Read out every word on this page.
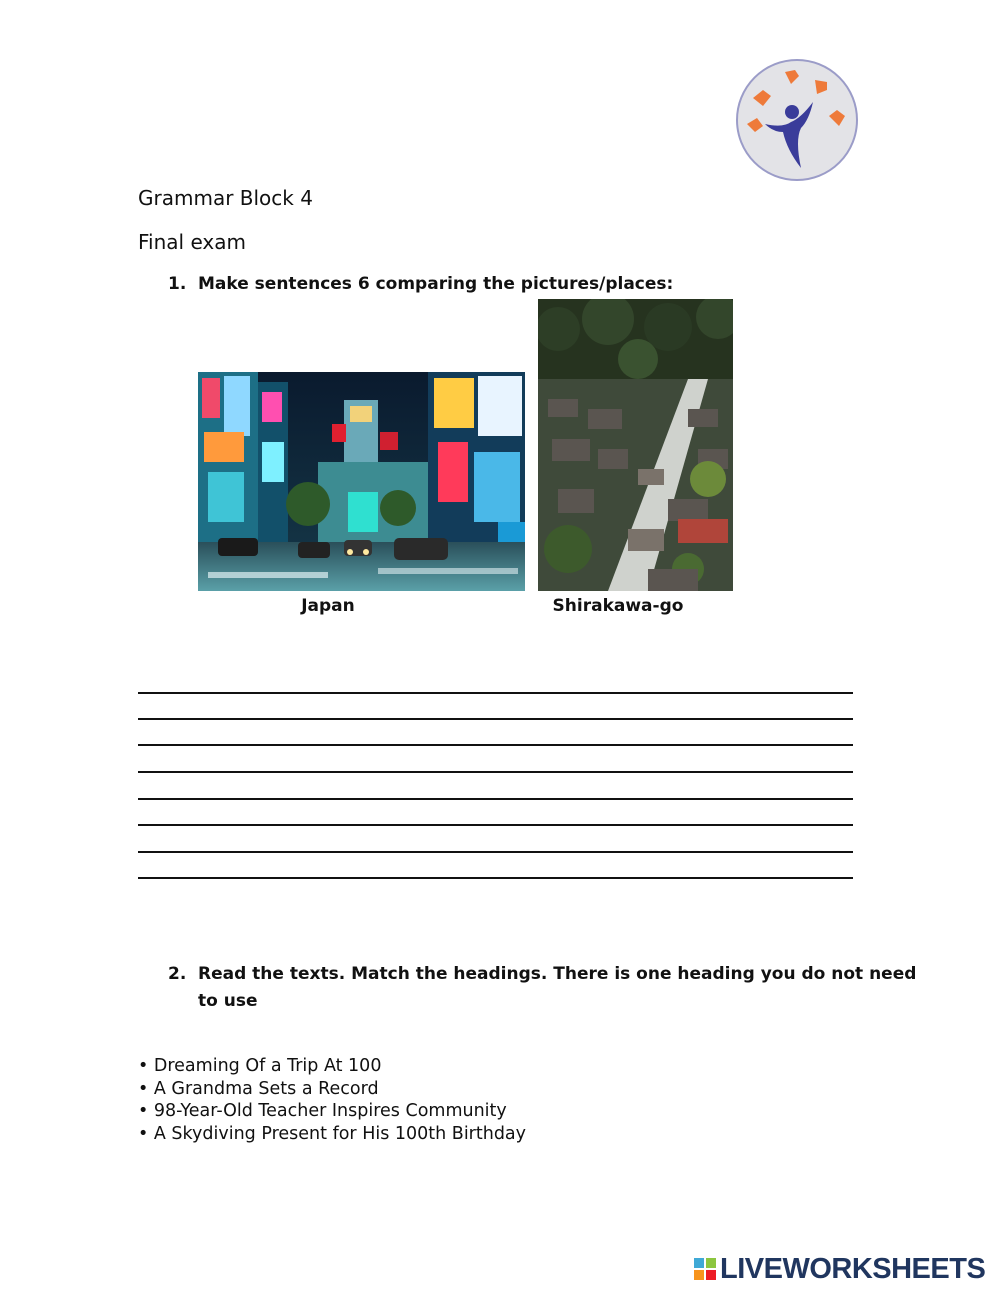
Grammar Block 4
Final exam
1. Make sentences 6 comparing the pictures/places:
Japan	Shirakawa-go
2. Read the texts. Match the headings. There is one heading you do not need
to use
• Dreaming Of a Trip At 100
• A Grandma Sets a Record
• 98-Year-Old Teacher Inspires Community
• A Skydiving Present for His 100th Birthday
LIVEWORKSHEETS
